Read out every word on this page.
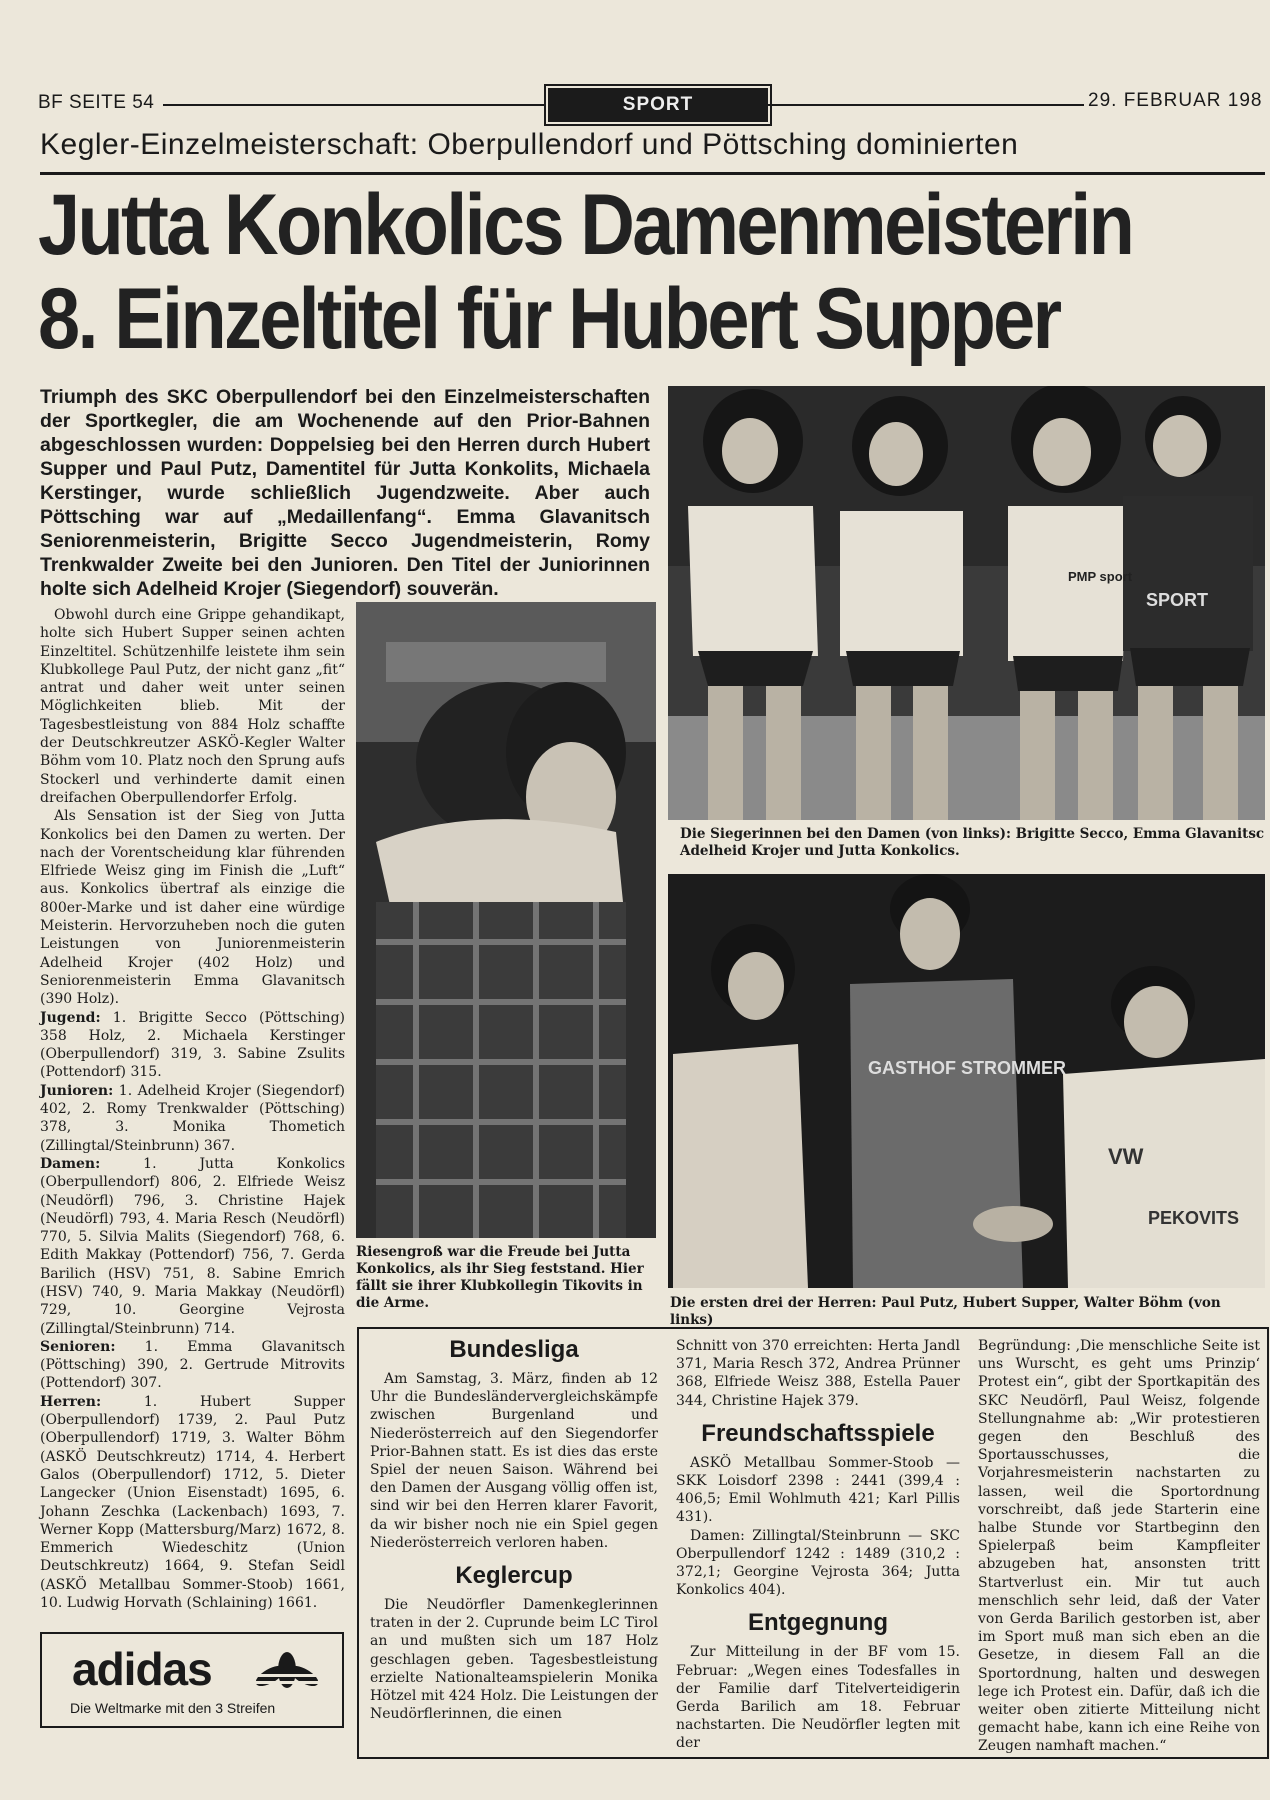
BF SEITE 54	SPORT	29. FEBRUAR 198
Kegler-Einzelmeisterschaft: Oberpullendorf und Pöttsching dominierten
Jutta Konkolics Damenmeisterin
8. Einzeltitel für Hubert Supper
Triumph des SKC Oberpullendorf bei den Einzelmeisterschaften der Sportkegler, die am Wochenende auf den Prior-Bahnen abgeschlossen wurden: Doppelsieg bei den Herren durch Hubert Supper und Paul Putz, Damentitel für Jutta Konkolits, Michaela Kerstinger, wurde schließlich Jugendzweite. Aber auch Pöttsching war auf „Medaillenfang“. Emma Glavanitsch Seniorenmeisterin, Brigitte Secco Jugendmeisterin, Romy Trenkwalder Zweite bei den Junioren. Den Titel der Juniorinnen holte sich Adelheid Krojer (Siegendorf) souverän.

Obwohl durch eine Grippe gehandikapt, holte sich Hubert Supper seinen achten Einzeltitel. Schützenhilfe leistete ihm sein Klubkollege Paul Putz, der nicht ganz „fit“ antrat und daher weit unter seinen Möglichkeiten blieb. Mit der Tagesbestleistung von 884 Holz schaffte der Deutschkreutzer ASKÖ-Kegler Walter Böhm vom 10. Platz noch den Sprung aufs Stockerl und verhinderte damit einen dreifachen Oberpullendorfer Erfolg.

Als Sensation ist der Sieg von Jutta Konkolics bei den Damen zu werten. Der nach der Vorentscheidung klar führenden Elfriede Weisz ging im Finish die „Luft“ aus. Konkolics übertraf als einzige die 800er-Marke und ist daher eine würdige Meisterin. Hervorzuheben noch die guten Leistungen von Juniorenmeisterin Adelheid Krojer (402 Holz) und Seniorenmeisterin Emma Glavanitsch (390 Holz).

Jugend: 1. Brigitte Secco (Pöttsching) 358 Holz, 2. Michaela Kerstinger (Oberpullendorf) 319, 3. Sabine Zsulits (Pottendorf) 315.

Junioren: 1. Adelheid Krojer (Siegendorf) 402, 2. Romy Trenkwalder (Pöttsching) 378, 3. Monika Thometich (Zillingtal/Steinbrunn) 367.

Damen: 1. Jutta Konkolics (Oberpullendorf) 806, 2. Elfriede Weisz (Neudörfl) 796, 3. Christine Hajek (Neudörfl) 793, 4. Maria Resch (Neudörfl) 770, 5. Silvia Malits (Siegendorf) 768, 6. Edith Makkay (Pottendorf) 756, 7. Gerda Barilich (HSV) 751, 8. Sabine Emrich (HSV) 740, 9. Maria Makkay (Neudörfl) 729, 10. Georgine Vejrosta (Zillingtal/Steinbrunn) 714.

Senioren: 1. Emma Glavanitsch (Pöttsching) 390, 2. Gertrude Mitrovits (Pottendorf) 307.

Herren: 1. Hubert Supper (Oberpullendorf) 1739, 2. Paul Putz (Oberpullendorf) 1719, 3. Walter Böhm (ASKÖ Deutschkreutz) 1714, 4. Herbert Galos (Oberpullendorf) 1712, 5. Dieter Langecker (Union Eisenstadt) 1695, 6. Johann Zeschka (Lackenbach) 1693, 7. Werner Kopp (Mattersburg/Marz) 1672, 8. Emmerich Wiedeschitz (Union Deutschkreutz) 1664, 9. Stefan Seidl (ASKÖ Metallbau Sommer-Stoob) 1661, 10. Ludwig Horvath (Schlaining) 1661.

Riesengroß war die Freude bei Jutta Konkolics, als ihr Sieg feststand. Hier fällt sie ihrer Klubkollegin Tikovits in die Arme.
PMP sport
SPORT
Die Siegerinnen bei den Damen (von links): Brigitte Secco, Emma Glavanitsc Adelheid Krojer und Jutta Konkolics.
GASTHOF STROMMER
VW
PEKOVITS
Die ersten drei der Herren: Paul Putz, Hubert Supper, Walter Böhm (von links)
Bundesliga

Am Samstag, 3. März, finden ab 12 Uhr die Bundesländervergleichskämpfe zwischen Burgenland und Niederösterreich auf den Siegendorfer Prior-Bahnen statt. Es ist dies das erste Spiel der neuen Saison. Während bei den Damen der Ausgang völlig offen ist, sind wir bei den Herren klarer Favorit, da wir bisher noch nie ein Spiel gegen Niederösterreich verloren haben.

Keglercup

Die Neudörfler Damenkeglerinnen traten in der 2. Cuprunde beim LC Tirol an und mußten sich um 187 Holz geschlagen geben. Tagesbestleistung erzielte Nationalteamspielerin Monika Hötzel mit 424 Holz. Die Leistungen der Neudörflerinnen, die einen

Schnitt von 370 erreichten: Herta Jandl 371, Maria Resch 372, Andrea Prünner 368, Elfriede Weisz 388, Estella Pauer 344, Christine Hajek 379.

Freundschaftsspiele

ASKÖ Metallbau Sommer-Stoob — SKK Loisdorf 2398 : 2441 (399,4 : 406,5; Emil Wohlmuth 421; Karl Pillis 431).

Damen: Zillingtal/Steinbrunn — SKC Oberpullendorf 1242 : 1489 (310,2 : 372,1; Georgine Vejrosta 364; Jutta Konkolics 404).

Entgegnung

Zur Mitteilung in der BF vom 15. Februar: „Wegen eines Todesfalles in der Familie darf Titelverteidigerin Gerda Barilich am 18. Februar nachstarten. Die Neudörfler legten mit der

Begründung: ‚Die menschliche Seite ist uns Wurscht, es geht ums Prinzip‘ Protest ein“, gibt der Sportkapitän des SKC Neudörfl, Paul Weisz, folgende Stellungnahme ab: „Wir protestieren gegen den Beschluß des Sportausschusses, die Vorjahresmeisterin nachstarten zu lassen, weil die Sportordnung vorschreibt, daß jede Starterin eine halbe Stunde vor Startbeginn den Spielerpaß beim Kampfleiter abzugeben hat, ansonsten tritt Startverlust ein. Mir tut auch menschlich sehr leid, daß der Vater von Gerda Barilich gestorben ist, aber im Sport muß man sich eben an die Gesetze, in diesem Fall an die Sportordnung, halten und deswegen lege ich Protest ein. Dafür, daß ich die weiter oben zitierte Mitteilung nicht gemacht habe, kann ich eine Reihe von Zeugen namhaft machen.“

adidas
Die Weltmarke mit den 3 Streifen
